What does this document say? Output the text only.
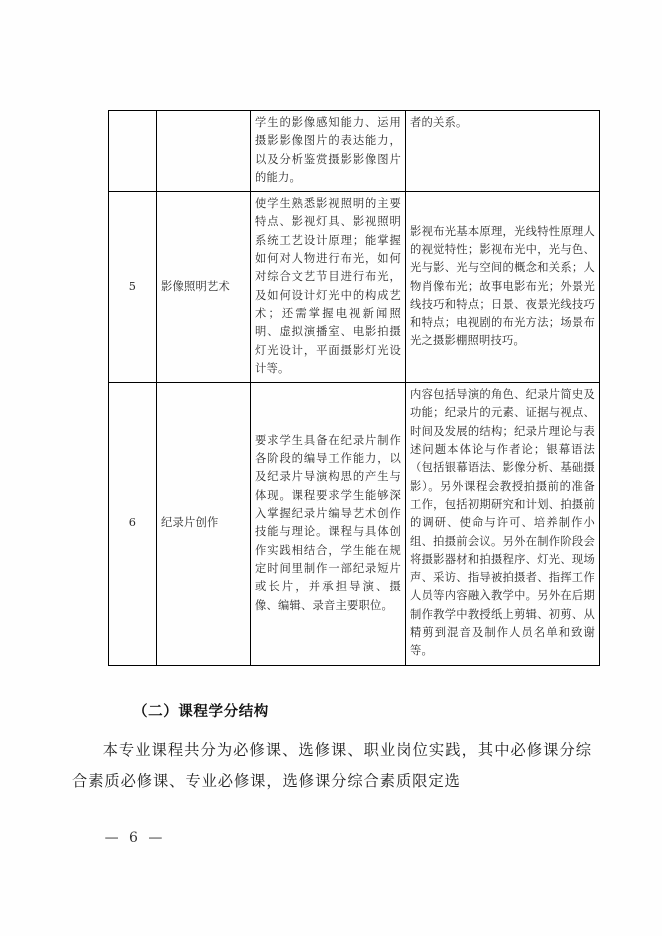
		学生的影像感知能力、运用摄影影像图片的表达能力，以及分析鉴赏摄影影像图片的能力。	者的关系。
5	影像照明艺术	使学生熟悉影视照明的主要特点、影视灯具、影视照明系统工艺设计原理；能掌握如何对人物进行布光，如何对综合文艺节目进行布光，及如何设计灯光中的构成艺术；还需掌握电视新闻照明、虚拟演播室、电影拍摄灯光设计，平面摄影灯光设计等。	影视布光基本原理，光线特性原理人的视觉特性；影视布光中，光与色、光与影、光与空间的概念和关系；人物肖像布光；故事电影布光；外景光线技巧和特点；日景、夜景光线技巧和特点；电视剧的布光方法；场景布光之摄影棚照明技巧。
6	纪录片创作	要求学生具备在纪录片制作各阶段的编导工作能力，以及纪录片导演构思的产生与体现。课程要求学生能够深入掌握纪录片编导艺术创作技能与理论。课程与具体创作实践相结合，学生能在规定时间里制作一部纪录短片或长片，并承担导演、摄像、编辑、录音主要职位。	内容包括导演的角色、纪录片简史及功能；纪录片的元素、证据与视点、时间及发展的结构；纪录片理论与表述问题本体论与作者论；银幕语法（包括银幕语法、影像分析、基础摄影）。另外课程会教授拍摄前的准备工作，包括初期研究和计划、拍摄前的调研、使命与许可、培养制作小组、拍摄前会议。另外在制作阶段会将摄影器材和拍摄程序、灯光、现场声、采访、指导被拍摄者、指挥工作人员等内容融入教学中。另外在后期制作教学中教授纸上剪辑、初剪、从精剪到混音及制作人员名单和致谢等。
（二）课程学分结构
本专业课程共分为必修课、选修课、职业岗位实践，其中必修课分综合素质必修课、专业必修课，选修课分综合素质限定选
— 6 —
